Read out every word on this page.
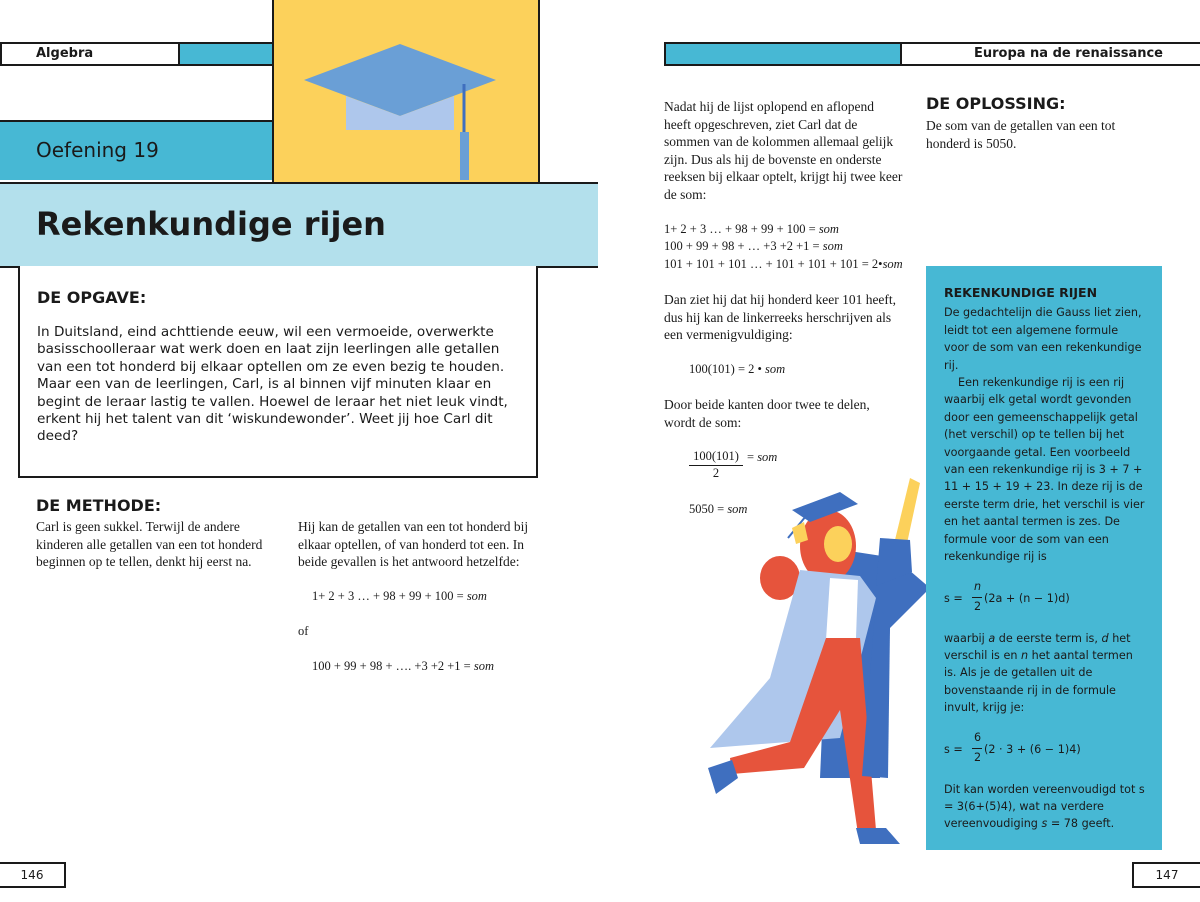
Algebra
Oefening 19
Rekenkundige rijen
DE OPGAVE:
In Duitsland, eind achttiende eeuw, wil een vermoeide, overwerkte basisschoolleraar wat werk doen en laat zijn leerlingen alle getallen van een tot honderd bij elkaar optellen om ze even bezig te houden. Maar een van de leerlingen, Carl, is al binnen vijf minuten klaar en begint de leraar lastig te vallen. Hoewel de leraar het niet leuk vindt, erkent hij het talent van dit ‘wiskundewonder’. Weet jij hoe Carl dit deed?
DE METHODE:
Carl is geen sukkel. Terwijl de andere kinderen alle getallen van een tot honderd beginnen op te tellen, denkt hij eerst na.
Hij kan de getallen van een tot honderd bij elkaar optellen, of van honderd tot een. In beide gevallen is het antwoord hetzelfde:
1+ 2 + 3 … + 98 + 99 + 100 = som
of
100 + 99 + 98 + …. +3 +2 +1 = som
146
Europa na de renaissance
Nadat hij de lijst oplopend en aflopend heeft opgeschreven, ziet Carl dat de sommen van de kolommen allemaal gelijk zijn. Dus als hij de bovenste en onderste reeksen bij elkaar optelt, krijgt hij twee keer de som:
1+ 2 + 3 … + 98 + 99 + 100 = som
100 + 99 + 98 + … +3 +2 +1 = som
101 + 101 + 101 … + 101 + 101 + 101 = 2•som
Dan ziet hij dat hij honderd keer 101 heeft, dus hij kan de linkerreeks herschrijven als een vermenigvuldiging:
100(101) = 2 • som
Door beide kanten door twee te delen, wordt de som:
100(101)
2
= som
5050 = som
DE OPLOSSING:
De som van de getallen van een tot honderd is 5050.

REKENKUNDIGE RIJEN

De gedachtelijn die Gauss liet zien, leidt tot een algemene formule voor de som van een rekenkundige rij.

Een rekenkundige rij is een rij waarbij elk getal wordt gevonden door een gemeenschappelijk getal (het verschil) op te tellen bij het voorgaande getal. Een voorbeeld van een rekenkundige rij is 3 + 7 + 11 + 15 + 19 + 23. In deze rij is de eerste term drie, het verschil is vier en het aantal termen is zes. De formule voor de som van een rekenkundige rij is

s =
n
2
(2a + (n − 1)d)

waarbij a de eerste term is, d het verschil is en n het aantal termen is. Als je de getallen uit de bovenstaande rij in de formule invult, krijg je:

s =
6
2
(2 · 3 + (6 − 1)4)

Dit kan worden vereenvoudigd tot s = 3(6+(5)4), wat na verdere vereenvoudiging s = 78 geeft.

147
